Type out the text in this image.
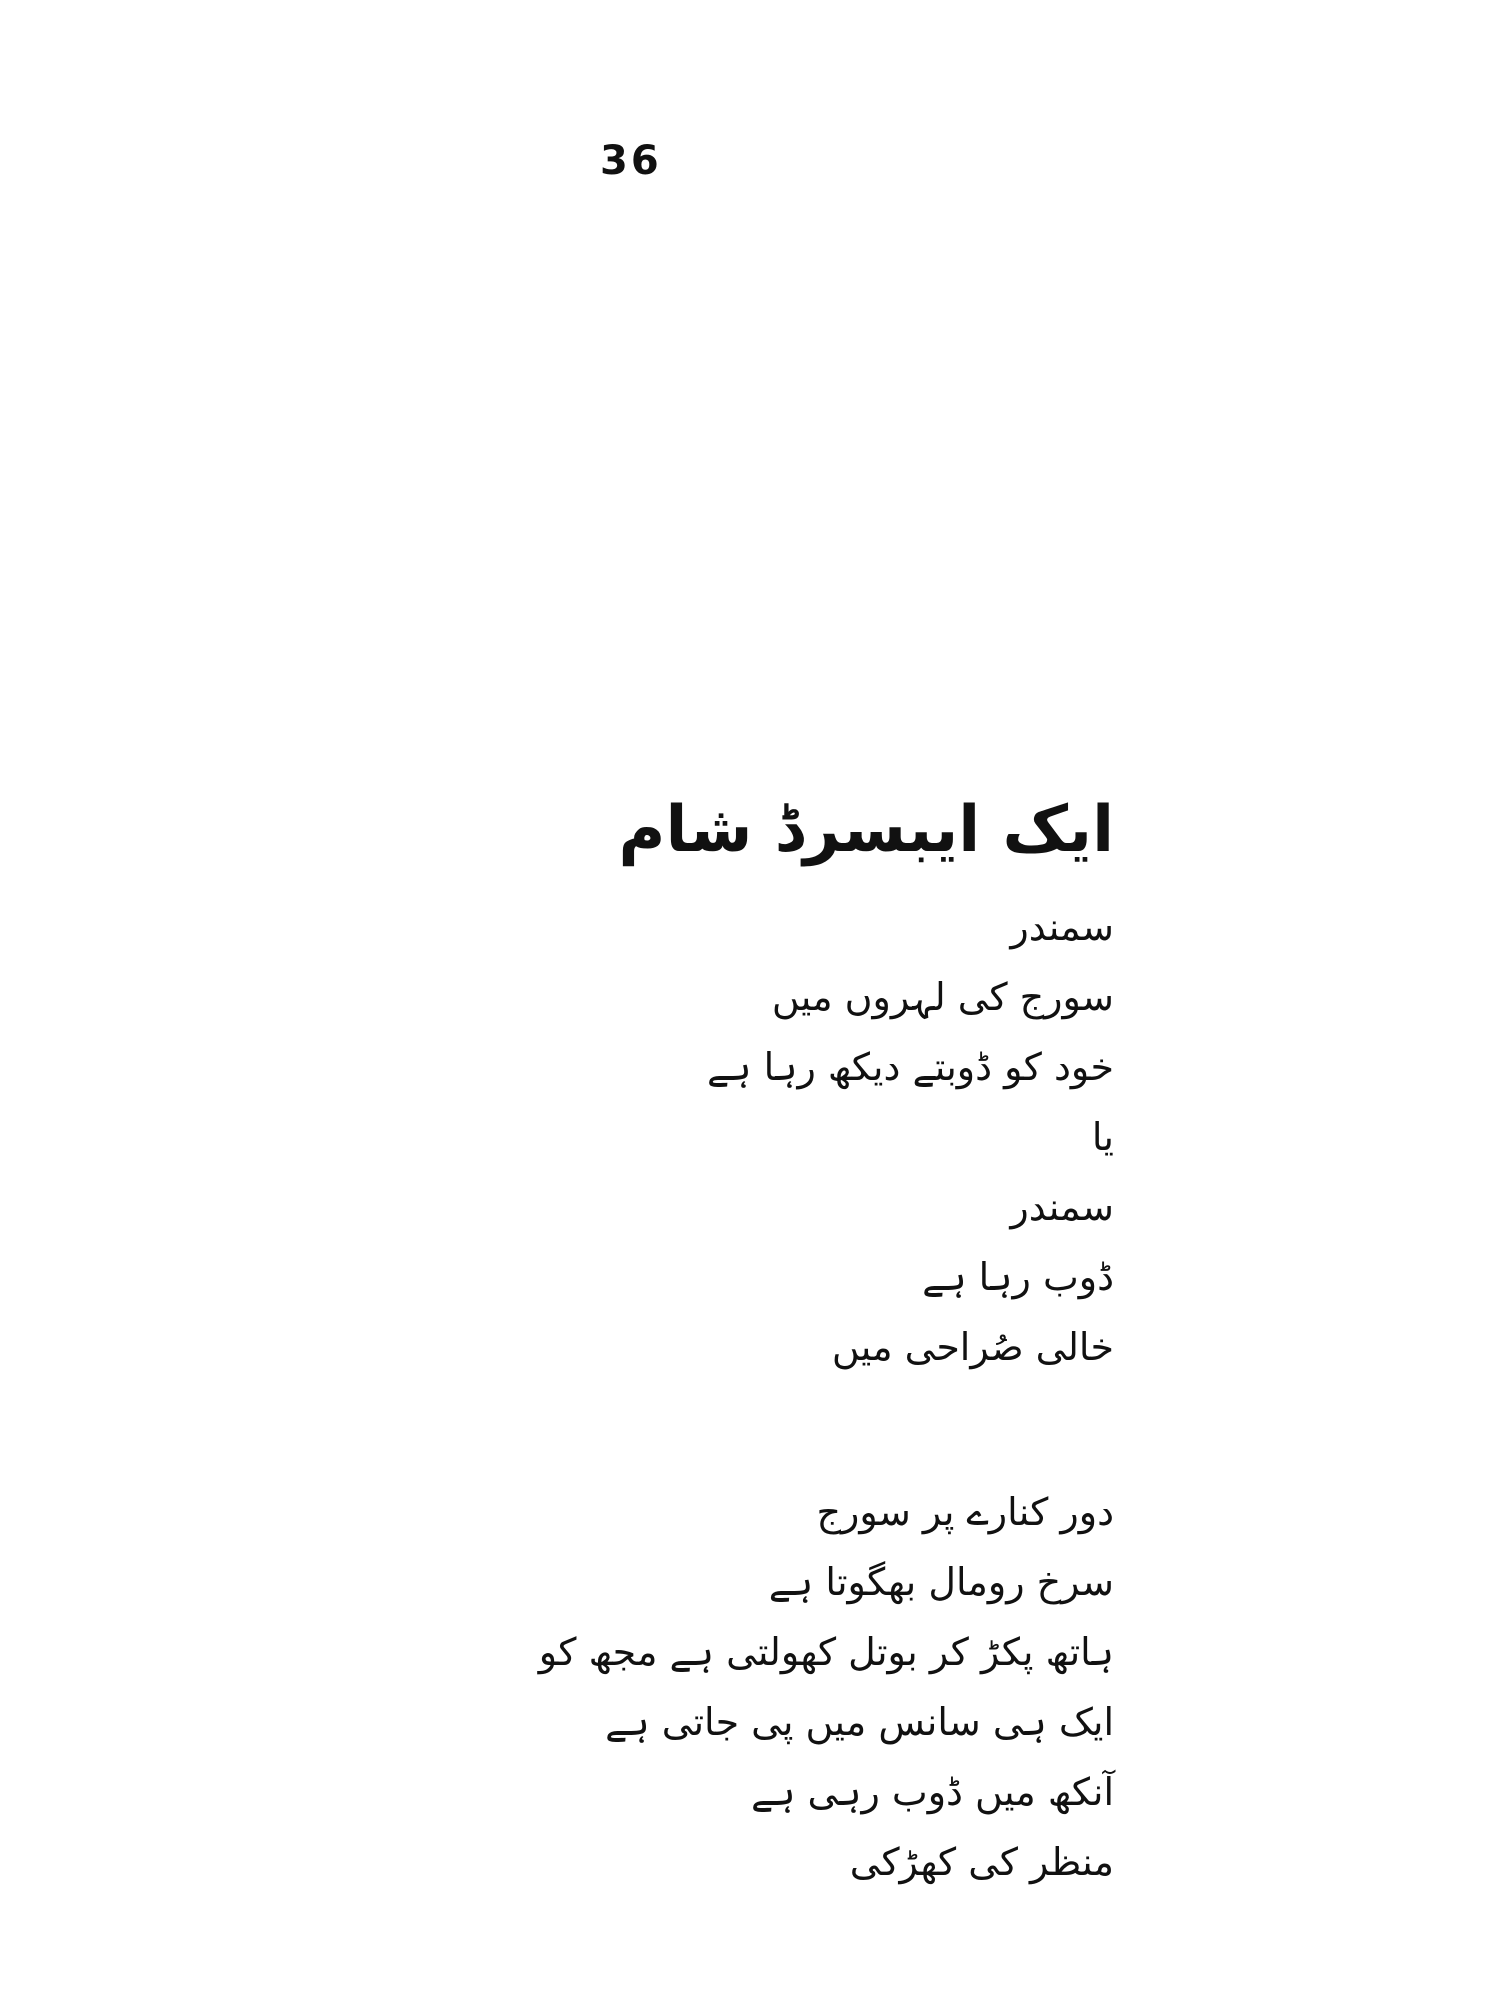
36
ایک ایبسرڈ شام
سمندر
سورج کی لہروں میں
خود کو ڈوبتے دیکھ رہا ہے
یا
سمندر
ڈوب رہا ہے
خالی صُراحی میں
دور کنارے پر سورج
سرخ رومال بھگوتا ہے
ہاتھ پکڑ کر بوتل کھولتی ہے مجھ کو
ایک ہی سانس میں پی جاتی ہے
آنکھ میں ڈوب رہی ہے
منظر کی کھڑکی
